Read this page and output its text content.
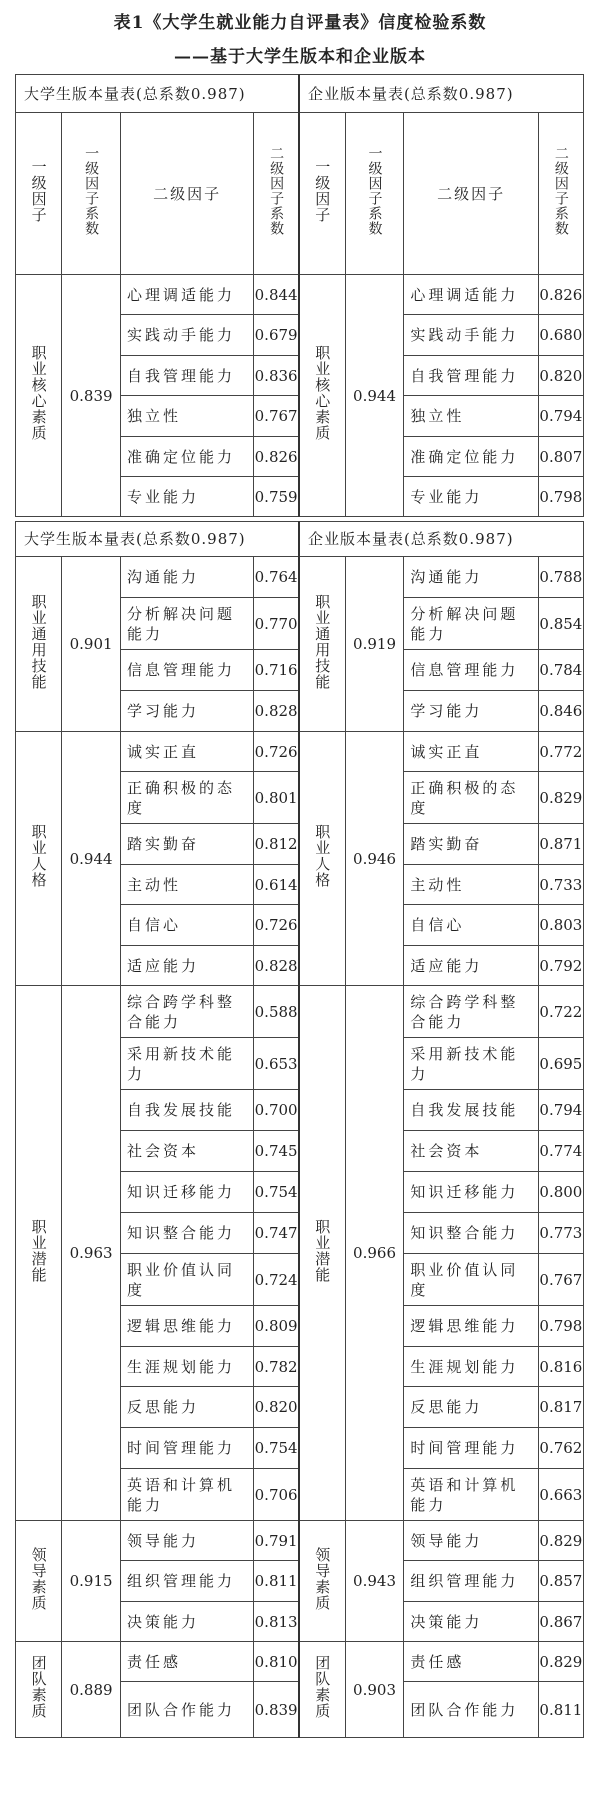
表1《大学生就业能力自评量表》信度检验系数
——基于大学生版本和企业版本
大学生版本量表(总系数0.987)				企业版本量表(总系数0.987)			
一级因子	一级因子系数	二级因子	二级因子系数	一级因子	一级因子系数	二级因子	二级因子系数
职业核心素质	0.839	心理调适能力	0.844	职业核心素质	0.944	心理调适能力	0.826
		实践动手能力	0.679			实践动手能力	0.680
		自我管理能力	0.836			自我管理能力	0.820
		独立性	0.767			独立性	0.794
		准确定位能力	0.826			准确定位能力	0.807
		专业能力	0.759			专业能力	0.798
大学生版本量表(总系数0.987)				企业版本量表(总系数0.987)			
职业通用技能	0.901	沟通能力	0.764	职业通用技能	0.919	沟通能力	0.788
		分析解决问题能力	0.770			分析解决问题能力	0.854
		信息管理能力	0.716			信息管理能力	0.784
		学习能力	0.828			学习能力	0.846
职业人格	0.944	诚实正直	0.726	职业人格	0.946	诚实正直	0.772
		正确积极的态度	0.801			正确积极的态度	0.829
		踏实勤奋	0.812			踏实勤奋	0.871
		主动性	0.614			主动性	0.733
		自信心	0.726			自信心	0.803
		适应能力	0.828			适应能力	0.792
职业潜能	0.963	综合跨学科整合能力	0.588	职业潜能	0.966	综合跨学科整合能力	0.722
		采用新技术能力	0.653			采用新技术能力	0.695
		自我发展技能	0.700			自我发展技能	0.794
		社会资本	0.745			社会资本	0.774
		知识迁移能力	0.754			知识迁移能力	0.800
		知识整合能力	0.747			知识整合能力	0.773
		职业价值认同度	0.724			职业价值认同度	0.767
		逻辑思维能力	0.809			逻辑思维能力	0.798
		生涯规划能力	0.782			生涯规划能力	0.816
		反思能力	0.820			反思能力	0.817
		时间管理能力	0.754			时间管理能力	0.762
		英语和计算机能力	0.706			英语和计算机能力	0.663
领导素质	0.915	领导能力	0.791	领导素质	0.943	领导能力	0.829
		组织管理能力	0.811			组织管理能力	0.857
		决策能力	0.813			决策能力	0.867
团队素质	0.889	责任感	0.810	团队素质	0.903	责任感	0.829
		团队合作能力	0.839			团队合作能力	0.811
